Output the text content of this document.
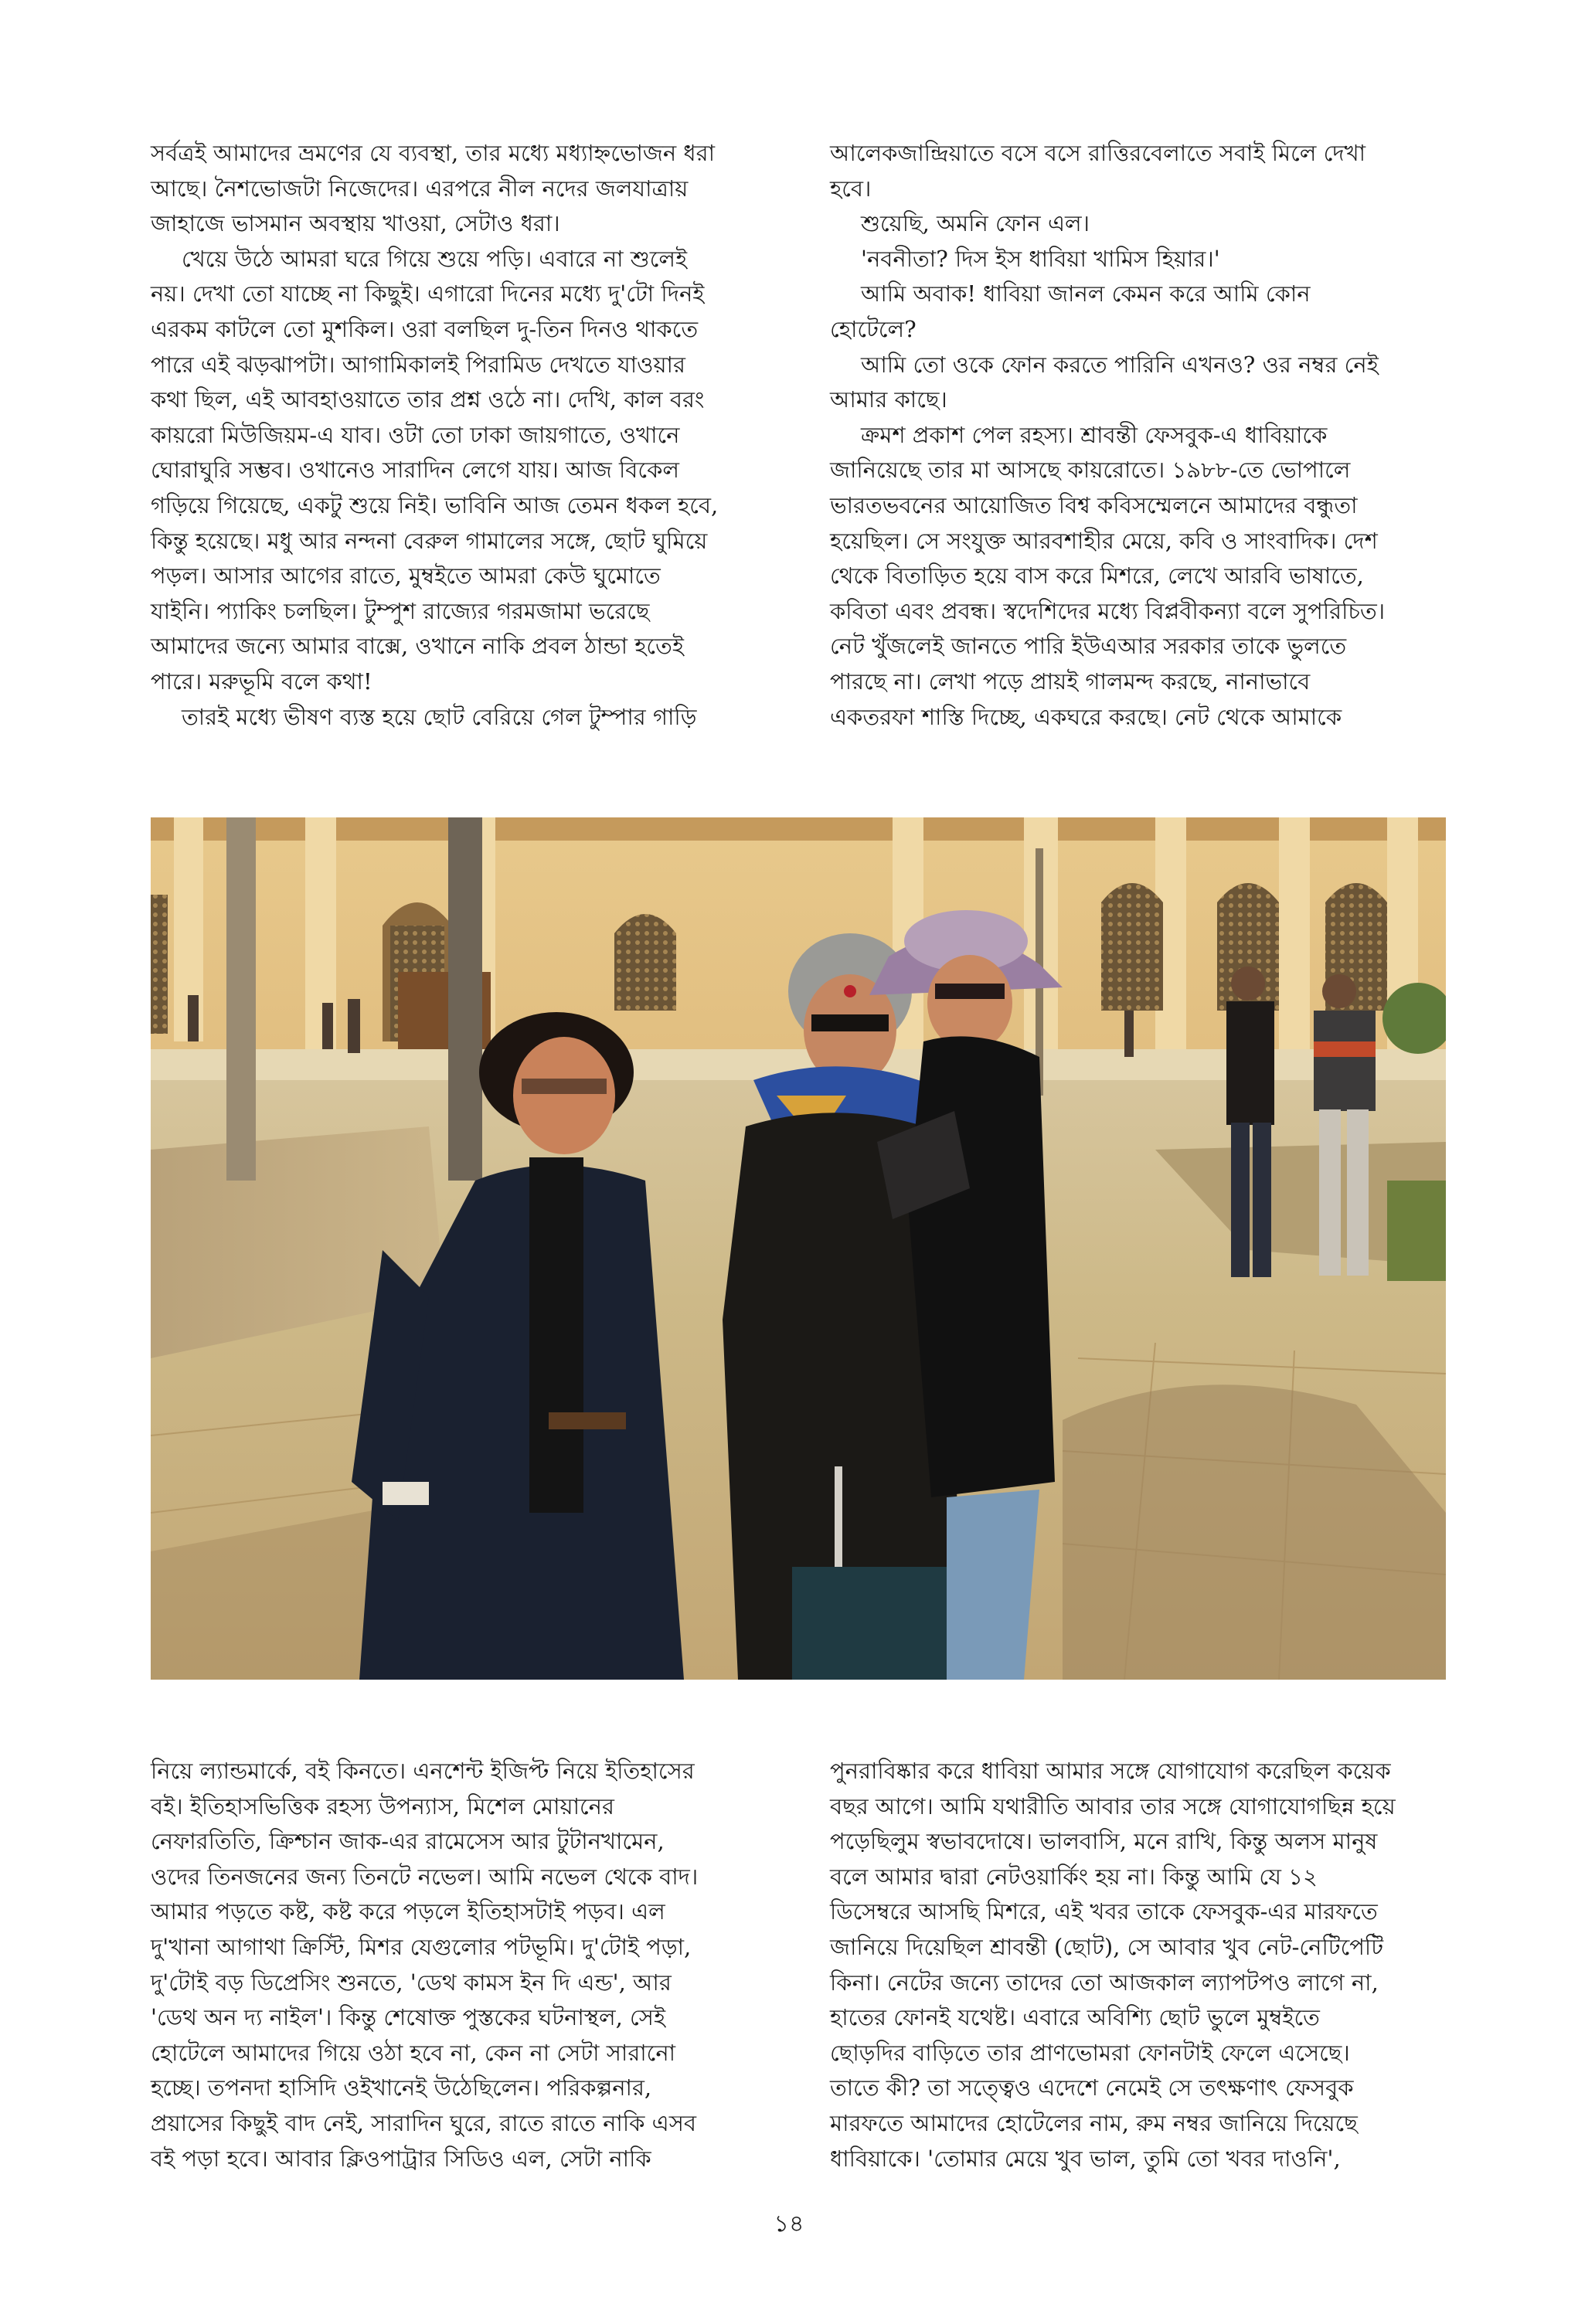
সর্বত্রই আমাদের ভ্রমণের যে ব্যবস্থা, তার মধ্যে মধ্যাহ্নভোজন ধরা

আছে। নৈশভোজটা নিজেদের। এরপরে নীল নদের জলযাত্রায়

জাহাজে ভাসমান অবস্থায় খাওয়া, সেটাও ধরা।

খেয়ে উঠে আমরা ঘরে গিয়ে শুয়ে পড়ি। এবারে না শুলেই

নয়। দেখা তো যাচ্ছে না কিছুই। এগারো দিনের মধ্যে দু'টো দিনই

এরকম কাটলে তো মুশকিল। ওরা বলছিল দু-তিন দিনও থাকতে

পারে এই ঝড়ঝাপটা। আগামিকালই পিরামিড দেখতে যাওয়ার

কথা ছিল, এই আবহাওয়াতে তার প্রশ্ন ওঠে না। দেখি, কাল বরং

কায়রো মিউজিয়ম-এ যাব। ওটা তো ঢাকা জায়গাতে, ওখানে

ঘোরাঘুরি সম্ভব। ওখানেও সারাদিন লেগে যায়। আজ বিকেল

গড়িয়ে গিয়েছে, একটু শুয়ে নিই। ভাবিনি আজ তেমন ধকল হবে,

কিন্তু হয়েছে। মধু আর নন্দনা বেরুল গামালের সঙ্গে, ছোট ঘুমিয়ে

পড়ল। আসার আগের রাতে, মুম্বইতে আমরা কেউ ঘুমোতে

যাইনি। প্যাকিং চলছিল। টুম্পুশ রাজ্যের গরমজামা ভরেছে

আমাদের জন্যে আমার বাক্সে, ওখানে নাকি প্রবল ঠান্ডা হতেই

পারে। মরুভূমি বলে কথা!

তারই মধ্যে ভীষণ ব্যস্ত হয়ে ছোট বেরিয়ে গেল টুম্পার গাড়ি

আলেকজান্দ্রিয়াতে বসে বসে রাত্তিরবেলাতে সবাই মিলে দেখা

হবে।

শুয়েছি, অমনি ফোন এল।

'নবনীতা? দিস ইস ধাবিয়া খামিস হিয়ার।'

আমি অবাক! ধাবিয়া জানল কেমন করে আমি কোন

হোটেলে?

আমি তো ওকে ফোন করতে পারিনি এখনও? ওর নম্বর নেই

আমার কাছে।

ক্রমশ প্রকাশ পেল রহস্য। শ্রাবন্তী ফেসবুক-এ ধাবিয়াকে

জানিয়েছে তার মা আসছে কায়রোতে। ১৯৮৮-তে ভোপালে

ভারতভবনের আয়োজিত বিশ্ব কবিসম্মেলনে আমাদের বন্ধুতা

হয়েছিল। সে সংযুক্ত আরবশাহীর মেয়ে, কবি ও সাংবাদিক। দেশ

থেকে বিতাড়িত হয়ে বাস করে মিশরে, লেখে আরবি ভাষাতে,

কবিতা এবং প্রবন্ধ। স্বদেশিদের মধ্যে বিপ্লবীকন্যা বলে সুপরিচিত।

নেট খুঁজলেই জানতে পারি ইউএআর সরকার তাকে ভুলতে

পারছে না। লেখা পড়ে প্রায়ই গালমন্দ করছে, নানাভাবে

একতরফা শাস্তি দিচ্ছে, একঘরে করছে। নেট থেকে আমাকে

নিয়ে ল্যান্ডমার্কে, বই কিনতে। এনশেন্ট ইজিপ্ট নিয়ে ইতিহাসের

বই। ইতিহাসভিত্তিক রহস্য উপন্যাস, মিশেল মোয়ানের

নেফারতিতি, ক্রিশ্চান জাক-এর রামেসেস আর টুটানখামেন,

ওদের তিনজনের জন্য তিনটে নভেল। আমি নভেল থেকে বাদ।

আমার পড়তে কষ্ট, কষ্ট করে পড়লে ইতিহাসটাই পড়ব। এল

দু'খানা আগাথা ক্রিস্টি, মিশর যেগুলোর পটভূমি। দু'টোই পড়া,

দু'টোই বড় ডিপ্রেসিং শুনতে, 'ডেথ কামস ইন দি এন্ড', আর

'ডেথ অন দ্য নাইল'। কিন্তু শেষোক্ত পুস্তকের ঘটনাস্থল, সেই

হোটেলে আমাদের গিয়ে ওঠা হবে না, কেন না সেটা সারানো

হচ্ছে। তপনদা হাসিদি ওইখানেই উঠেছিলেন। পরিকল্পনার,

প্রয়াসের কিছুই বাদ নেই, সারাদিন ঘুরে, রাতে রাতে নাকি এসব

বই পড়া হবে। আবার ক্লিওপাট্রার সিডিও এল, সেটা নাকি

পুনরাবিষ্কার করে ধাবিয়া আমার সঙ্গে যোগাযোগ করেছিল কয়েক

বছর আগে। আমি যথারীতি আবার তার সঙ্গে যোগাযোগছিন্ন হয়ে

পড়েছিলুম স্বভাবদোষে। ভালবাসি, মনে রাখি, কিন্তু অলস মানুষ

বলে আমার দ্বারা নেটওয়ার্কিং হয় না। কিন্তু আমি যে ১২

ডিসেম্বরে আসছি মিশরে, এই খবর তাকে ফেসবুক-এর মারফতে

জানিয়ে দিয়েছিল শ্রাবন্তী (ছোট), সে আবার খুব নেট-নেটিপেটি

কিনা। নেটের জন্যে তাদের তো আজকাল ল্যাপটপও লাগে না,

হাতের ফোনই যথেষ্ট। এবারে অবিশ্যি ছোট ভুলে মুম্বইতে

ছোড়দির বাড়িতে তার প্রাণভোমরা ফোনটাই ফেলে এসেছে।

তাতে কী? তা সত্ত্বেও এদেশে নেমেই সে তৎক্ষণাৎ ফেসবুক

মারফতে আমাদের হোটেলের নাম, রুম নম্বর জানিয়ে দিয়েছে

ধাবিয়াকে। 'তোমার মেয়ে খুব ভাল, তুমি তো খবর দাওনি',

১৪
